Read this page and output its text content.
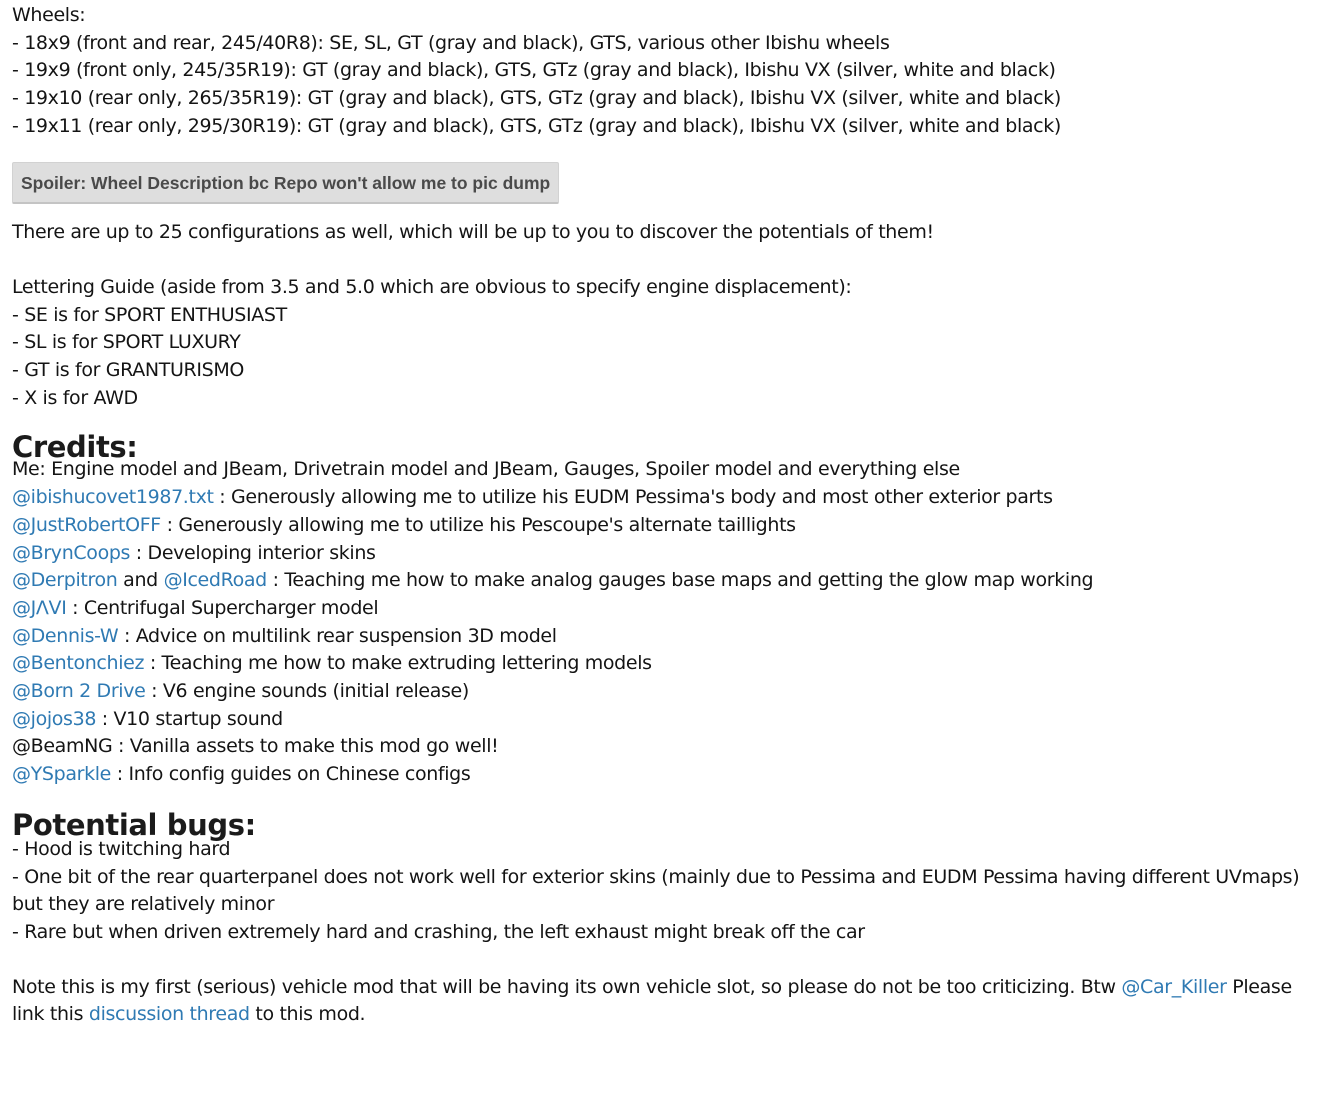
Wheels:
- 18x9 (front and rear, 245/40R8): SE, SL, GT (gray and black), GTS, various other Ibishu wheels
- 19x9 (front only, 245/35R19): GT (gray and black), GTS, GTz (gray and black), Ibishu VX (silver, white and black)
- 19x10 (rear only, 265/35R19): GT (gray and black), GTS, GTz (gray and black), Ibishu VX (silver, white and black)
- 19x11 (rear only, 295/30R19): GT (gray and black), GTS, GTz (gray and black), Ibishu VX (silver, white and black)
Spoiler: Wheel Description bc Repo won't allow me to pic dump
There are up to 25 configurations as well, which will be up to you to discover the potentials of them!
Lettering Guide (aside from 3.5 and 5.0 which are obvious to specify engine displacement):
- SE is for SPORT ENTHUSIAST
- SL is for SPORT LUXURY
- GT is for GRANTURISMO
- X is for AWD
Credits:
Me: Engine model and JBeam, Drivetrain model and JBeam, Gauges, Spoiler model and everything else
@ibishucovet1987.txt : Generously allowing me to utilize his EUDM Pessima's body and most other exterior parts
@JustRobertOFF : Generously allowing me to utilize his Pescoupe's alternate taillights
@BrynCoops : Developing interior skins
@Derpitron and @IcedRoad : Teaching me how to make analog gauges base maps and getting the glow map working
@JΛVI : Centrifugal Supercharger model
@Dennis-W : Advice on multilink rear suspension 3D model
@Bentonchiez : Teaching me how to make extruding lettering models
@Born 2 Drive : V6 engine sounds (initial release)
@jojos38 : V10 startup sound
@BeamNG : Vanilla assets to make this mod go well!
@YSparkle : Info config guides on Chinese configs
Potential bugs:
- Hood is twitching hard
- One bit of the rear quarterpanel does not work well for exterior skins (mainly due to Pessima and EUDM Pessima having different UVmaps) but they are relatively minor
- Rare but when driven extremely hard and crashing, the left exhaust might break off the car
Note this is my first (serious) vehicle mod that will be having its own vehicle slot, so please do not be too criticizing. Btw @Car_Killer Please link this discussion thread to this mod.
